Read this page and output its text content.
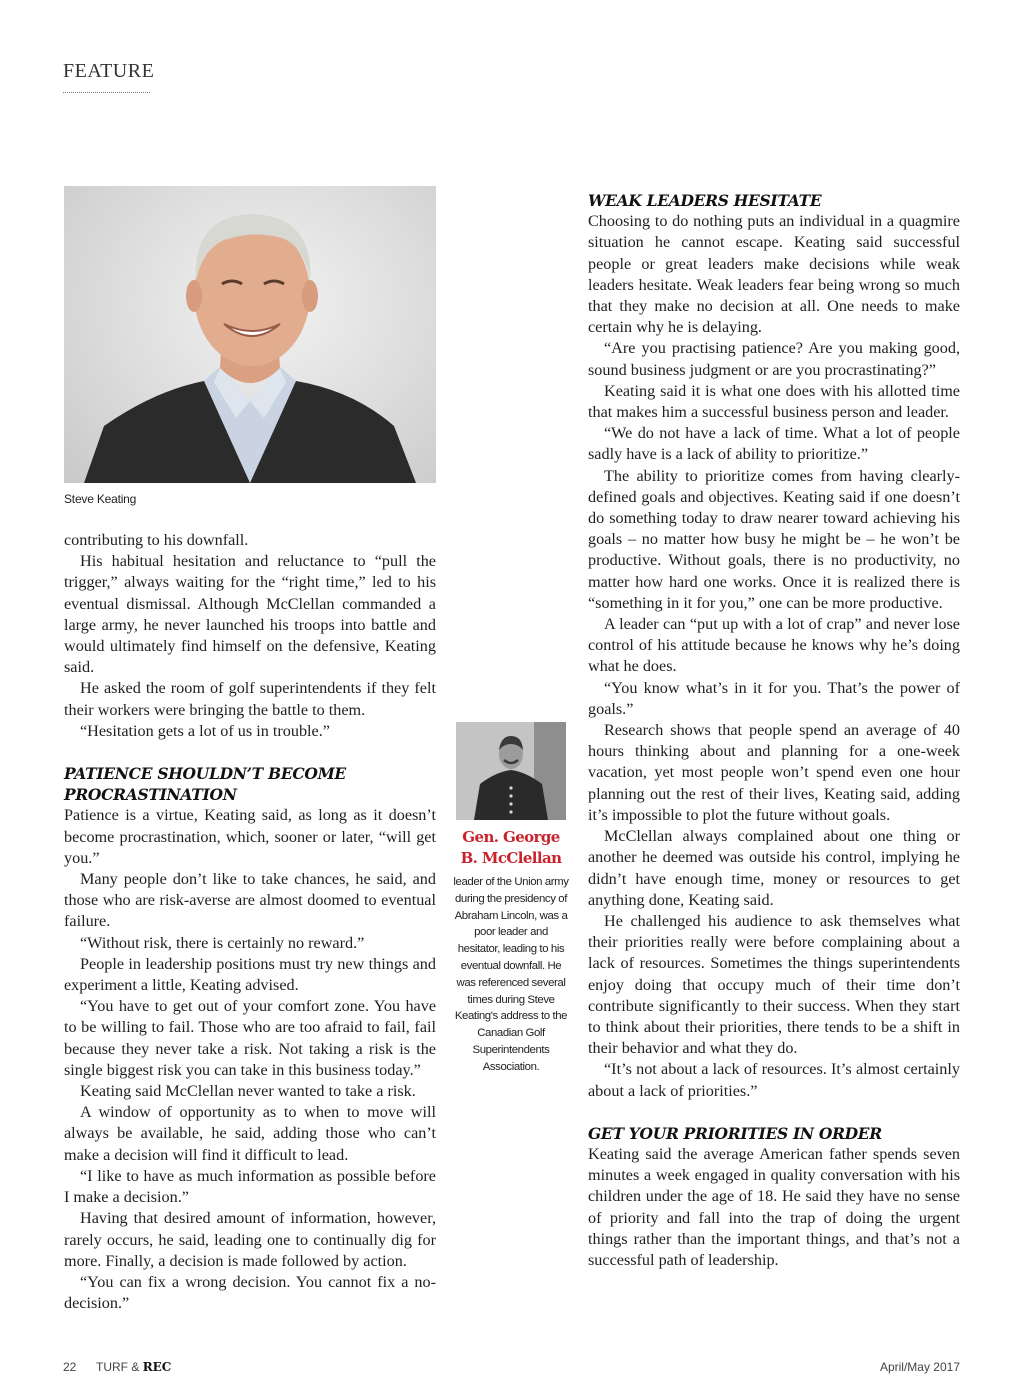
FEATURE
Steve Keating

contributing to his downfall.

His habitual hesitation and reluctance to “pull the trigger,” always waiting for the “right time,” led to his eventual dismissal. Although McClellan commanded a large army, he never launched his troops into battle and would ultimately find himself on the defensive, Keating said.

He asked the room of golf superintendents if they felt their workers were bringing the battle to them.

“Hesitation gets a lot of us in trouble.”

PATIENCE SHOULDN’T BECOME PROCRASTINATION

Patience is a virtue, Keating said, as long as it doesn’t become procrastination, which, sooner or later, “will get you.”

Many people don’t like to take chances, he said, and those who are risk-averse are almost doomed to eventual failure.

“Without risk, there is certainly no reward.”

People in leadership positions must try new things and experiment a little, Keating advised.

“You have to get out of your comfort zone. You have to be willing to fail. Those who are too afraid to fail, fail because they never take a risk. Not taking a risk is the single biggest risk you can take in this business today.”

Keating said McClellan never wanted to take a risk.

A window of opportunity as to when to move will always be available, he said, adding those who can’t make a decision will find it difficult to lead.

“I like to have as much information as possible before I make a decision.”

Having that desired amount of information, however, rarely occurs, he said, leading one to continually dig for more. Finally, a decision is made followed by action.

“You can fix a wrong decision. You cannot fix a no-decision.”

Gen. George B. McClellan
leader of the Union army during the presidency of Abraham Lincoln, was a poor leader and hesitator, leading to his eventual downfall. He was referenced several times during Steve Keating's address to the Canadian Golf Superintendents Association.
WEAK LEADERS HESITATE

Choosing to do nothing puts an individual in a quagmire situation he cannot escape. Keating said successful people or great leaders make decisions while weak leaders hesitate. Weak leaders fear being wrong so much that they make no decision at all. One needs to make certain why he is delaying.

“Are you practising patience? Are you making good, sound business judgment or are you procrastinating?”

Keating said it is what one does with his allotted time that makes him a successful business person and leader.

“We do not have a lack of time. What a lot of people sadly have is a lack of ability to prioritize.”

The ability to prioritize comes from having clearly-defined goals and objectives. Keating said if one doesn’t do something today to draw nearer toward achieving his goals – no matter how busy he might be – he won’t be productive. Without goals, there is no productivity, no matter how hard one works. Once it is realized there is “something in it for you,” one can be more productive.

A leader can “put up with a lot of crap” and never lose control of his attitude because he knows why he’s doing what he does.

“You know what’s in it for you. That’s the power of goals.”

Research shows that people spend an average of 40 hours thinking about and planning for a one-week vacation, yet most people won’t spend even one hour planning out the rest of their lives, Keating said, adding it’s impossible to plot the future without goals.

McClellan always complained about one thing or another he deemed was outside his control, implying he didn’t have enough time, money or resources to get anything done, Keating said.

He challenged his audience to ask themselves what their priorities really were before complaining about a lack of resources. Sometimes the things superintendents enjoy doing that occupy much of their time don’t contribute significantly to their success. When they start to think about their priorities, there tends to be a shift in their behavior and what they do.

“It’s not about a lack of resources. It’s almost certainly about a lack of priorities.”

GET YOUR PRIORITIES IN ORDER

Keating said the average American father spends seven minutes a week engaged in quality conversation with his children under the age of 18. He said they have no sense of priority and fall into the trap of doing the urgent things rather than the important things, and that’s not a successful path of leadership.

22 TURF & REC	April/May 2017
